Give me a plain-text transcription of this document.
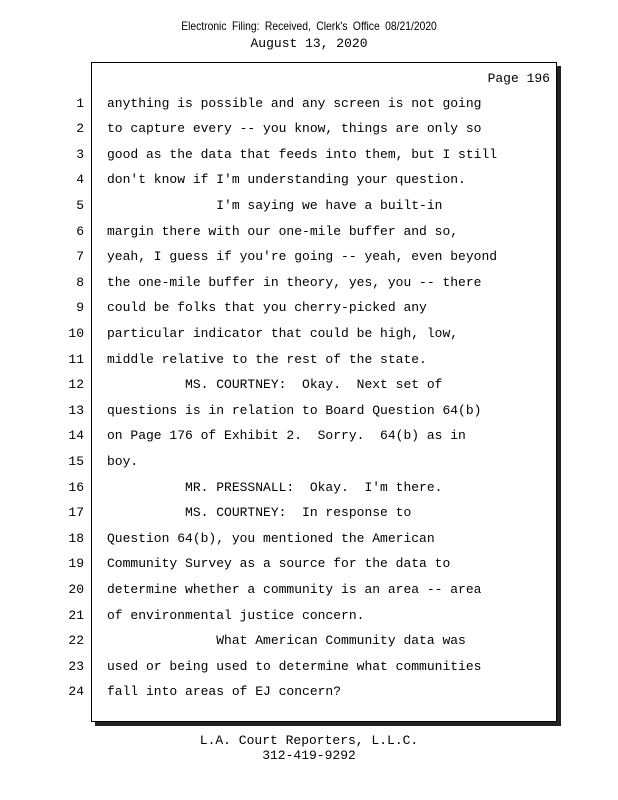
Electronic Filing: Received, Clerk's Office 08/21/2020
August 13, 2020
Page 196
1 anything is possible and any screen is not going
2 to capture every -- you know, things are only so
3 good as the data that feeds into them, but I still
4 don't know if I'm understanding your question.
5 I'm saying we have a built-in
6 margin there with our one-mile buffer and so,
7 yeah, I guess if you're going -- yeah, even beyond
8 the one-mile buffer in theory, yes, you -- there
9 could be folks that you cherry-picked any
10 particular indicator that could be high, low,
11 middle relative to the rest of the state.
12 MS. COURTNEY:  Okay.  Next set of
13 questions is in relation to Board Question 64(b)
14 on Page 176 of Exhibit 2.  Sorry.  64(b) as in
15 boy.
16 MR. PRESSNALL:  Okay.  I'm there.
17 MS. COURTNEY:  In response to
18 Question 64(b), you mentioned the American
19 Community Survey as a source for the data to
20 determine whether a community is an area -- area
21 of environmental justice concern.
22 What American Community data was
23 used or being used to determine what communities
24 fall into areas of EJ concern?
L.A. Court Reporters, L.L.C.
312-419-9292
